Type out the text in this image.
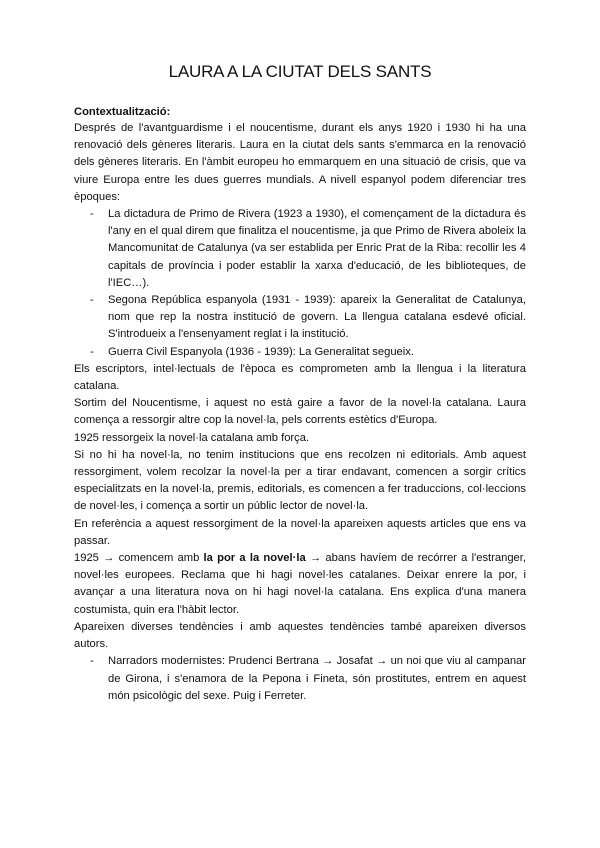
LAURA A LA CIUTAT DELS SANTS
Contextualització:

Després de l'avantguardisme i el noucentisme, durant els anys 1920 i 1930 hi ha una renovació dels gèneres literaris. Laura en la ciutat dels sants s'emmarca en la renovació dels gèneres literaris. En l'àmbit europeu ho emmarquem en una situació de crisis, que va viure Europa entre les dues guerres mundials. A nivell espanyol podem diferenciar tres èpoques:

- La dictadura de Primo de Rivera (1923 a 1930), el començament de la dictadura és l'any en el qual direm que finalitza el noucentisme, ja que Primo de Rivera aboleix la Mancomunitat de Catalunya (va ser establida per Enric Prat de la Riba: recollir les 4 capitals de província i poder establir la xarxa d'educació, de les biblioteques, de l'IEC…).
- Segona República espanyola (1931 - 1939): apareix la Generalitat de Catalunya, nom que rep la nostra institució de govern. La llengua catalana esdevé oficial. S'introdueix a l'ensenyament reglat i la institució.
- Guerra Civil Espanyola (1936 - 1939): La Generalitat segueix.

Els escriptors, intel·lectuals de l'època es comprometen amb la llengua i la literatura catalana.

Sortim del Noucentisme, i aquest no està gaire a favor de la novel·la catalana. Laura comença a ressorgir altre cop la novel·la, pels corrents estètics d'Europa.

1925 ressorgeix la novel·la catalana amb força.

Si no hi ha novel·la, no tenim institucions que ens recolzen ni editorials. Amb aquest ressorgiment, volem recolzar la novel·la per a tirar endavant, comencen a sorgir crítics especialitzats en la novel·la, premis, editorials, es comencen a fer traduccions, col·leccions de novel·les, i comença a sortir un públic lector de novel·la.

En referència a aquest ressorgiment de la novel·la apareixen aquests articles que ens va passar.

1925 → comencem amb la por a la novel·la → abans havíem de recórrer a l'estranger, novel·les europees. Reclama que hi hagi novel·les catalanes. Deixar enrere la por, i avançar a una literatura nova on hi hagi novel·la catalana. Ens explica d'una manera costumista, quin era l'hàbit lector.

Apareixen diverses tendències i amb aquestes tendències també apareixen diversos autors.

- Narradors modernistes: Prudenci Bertrana → Josafat → un noi que viu al campanar de Girona, i s'enamora de la Pepona i Fineta, són prostitutes, entrem en aquest món psicològic del sexe. Puig i Ferreter.
